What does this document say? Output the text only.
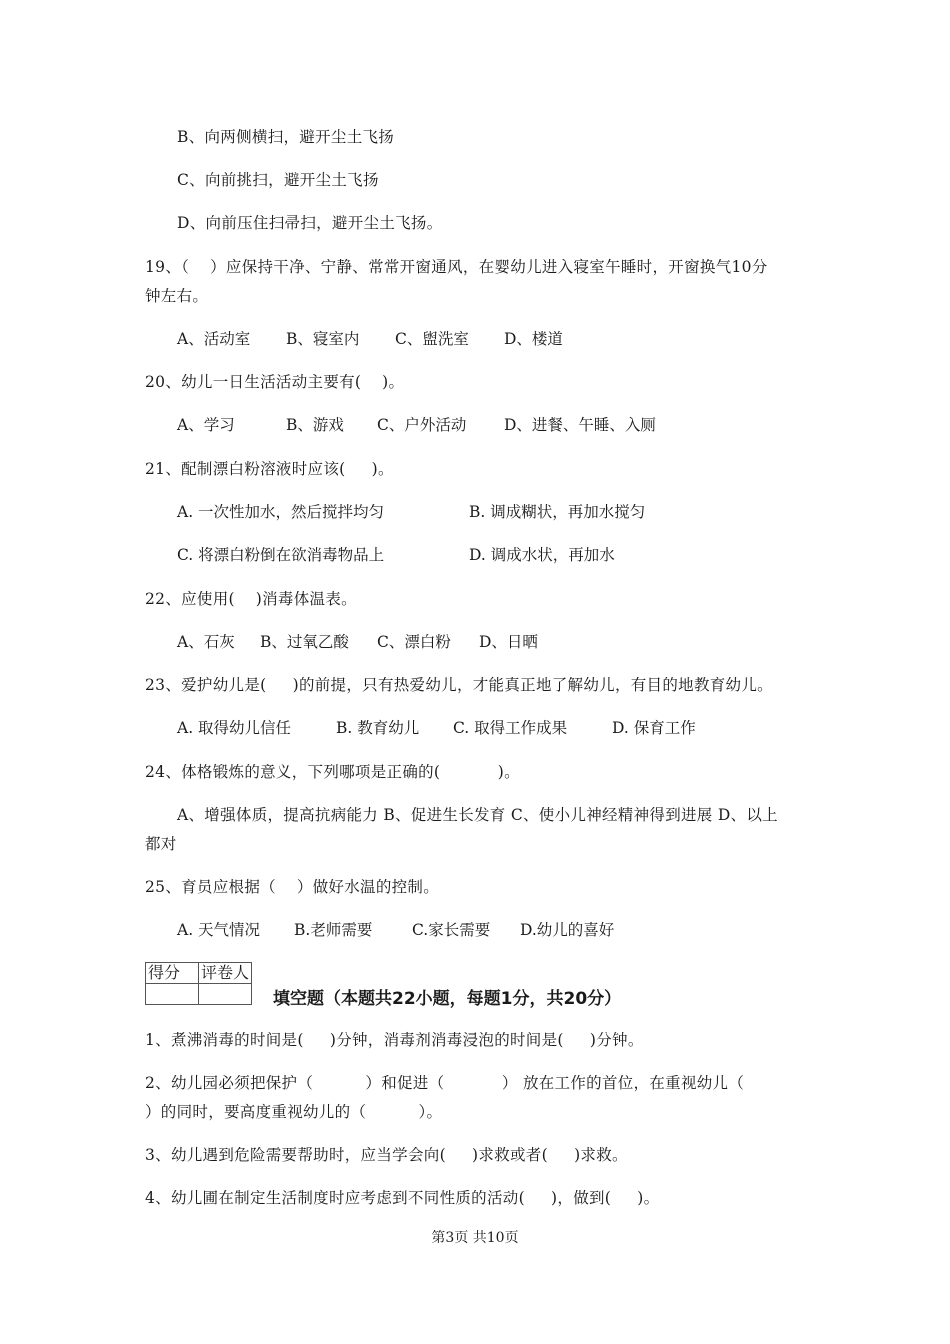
B、向两侧横扫，避开尘土飞扬
C、向前挑扫，避开尘土飞扬
D、向前压住扫帚扫，避开尘土飞扬。
19、（    ）应保持干净、宁静、常常开窗通风，在婴幼儿进入寝室午睡时，开窗换气10分
钟左右。

A、活动室

B、寝室内

C、盥洗室

D、楼道

20、幼儿一日生活活动主要有(    )。

A、学习

	B、游戏

C、户外活动

D、进餐、午睡、入厕

21、配制漂白粉溶液时应该(     )。

A. 一次性加水，然后搅拌均匀

	B. 调成糊状，再加水搅匀

C. 将漂白粉倒在欲消毒物品上

	D. 调成水状，再加水

22、应使用(    )消毒体温表。

A、石灰

B、过氧乙酸

C、漂白粉

D、日晒

23、爱护幼儿是(     )的前提，只有热爱幼儿，才能真正地了解幼儿，有目的地教育幼儿。

A. 取得幼儿信任

	B. 教育幼儿

C. 取得工作成果

	D. 保育工作

24、体格锻炼的意义，下列哪项是正确的(           )。
A、增强体质，提高抗病能力 B、促进生长发育 C、使小儿神经精神得到进展 D、以上
都对
25、育员应根据（    ）做好水温的控制。

A. 天气情况

B.老师需要

	C.家长需要

D.幼儿的喜好

得分	评卷人

填空题（本题共22小题，每题1分，共20分）
1、煮沸消毒的时间是(     )分钟，消毒剂消毒浸泡的时间是(     )分钟。
2、幼儿园必须把保护（          ）和促进（           ） 放在工作的首位，在重视幼儿（
）的同时，要高度重视幼儿的（          ）。
3、幼儿遇到危险需要帮助时，应当学会向(     )求救或者(     )求救。
4、幼儿圃在制定生活制度时应考虑到不同性质的活动(     )，做到(     )。
第3页 共10页
